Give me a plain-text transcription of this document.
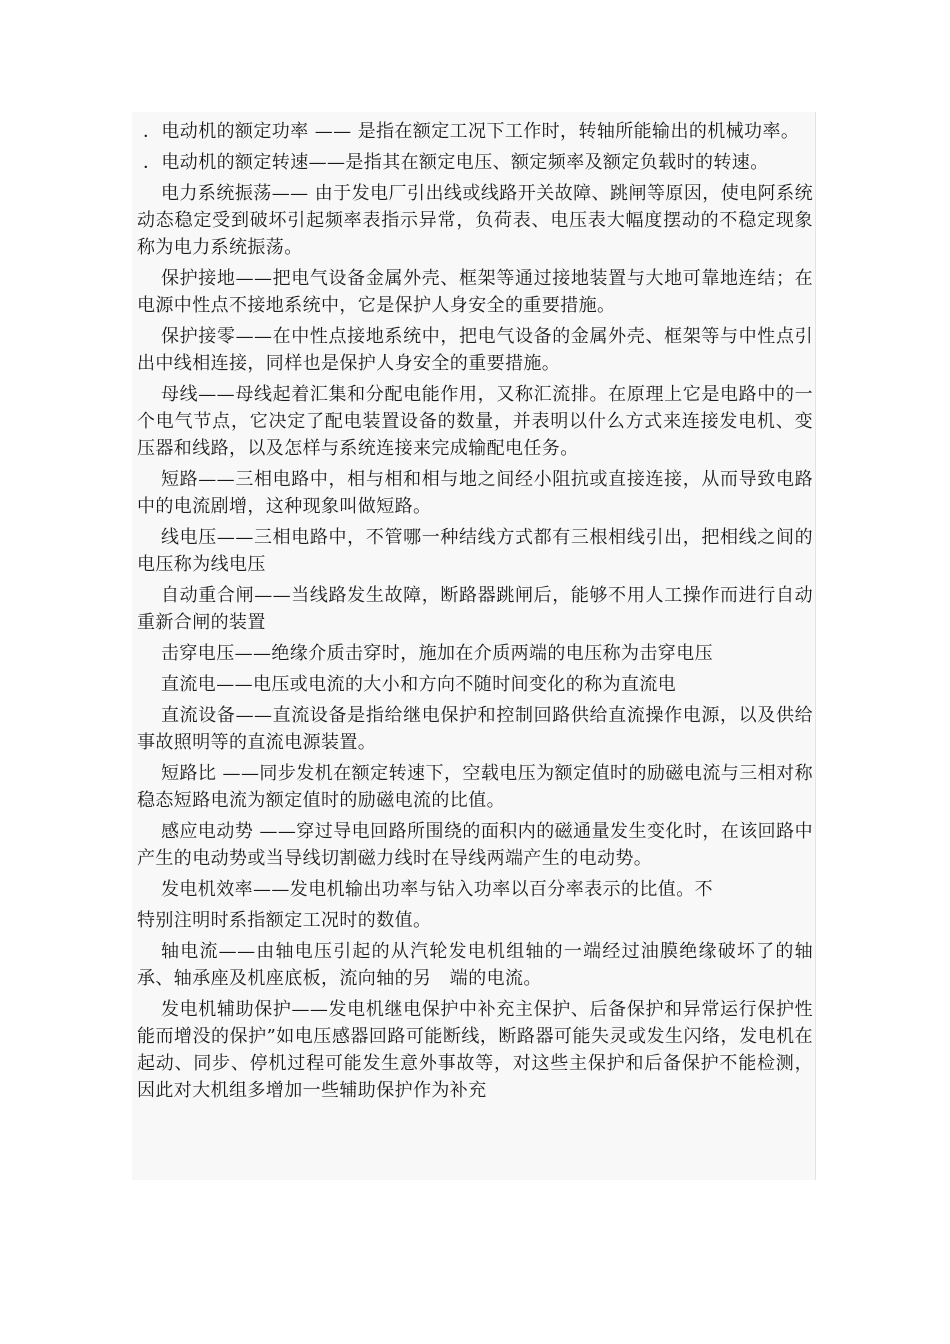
．电动机的额定功率 —— 是指在额定工况下工作时，转轴所能输出的机械功率。

．电动机的额定转速——是指其在额定电压、额定频率及额定负载时的转速。

电力系统振荡—— 由于发电厂引出线或线路开关故障、跳闸等原因，使电阿系统动态稳定受到破坏引起频率表指示异常，负荷表、电压表大幅度摆动的不稳定现象称为电力系统振荡。

保护接地——把电气设备金属外壳、框架等通过接地装置与大地可靠地连结；在电源中性点不接地系统中，它是保护人身安全的重要措施。

保护接零——在中性点接地系统中，把电气设备的金属外壳、框架等与中性点引出中线相连接，同样也是保护人身安全的重要措施。

母线——母线起着汇集和分配电能作用，又称汇流排。在原理上它是电路中的一个电气节点，它决定了配电装置设备的数量，并表明以什么方式来连接发电机、变压器和线路，以及怎样与系统连接来完成输配电任务。

短路——三相电路中，相与相和相与地之间经小阻抗或直接连接，从而导致电路中的电流剧增，这种现象叫做短路。

线电压——三相电路中，不管哪一种结线方式都有三根相线引出，把相线之间的电压称为线电压

自动重合闸——当线路发生故障，断路器跳闸后，能够不用人工操作而进行自动重新合闸的装置

击穿电压——绝缘介质击穿时，施加在介质两端的电压称为击穿电压

直流电——电压或电流的大小和方向不随时间变化的称为直流电

直流设备——直流设备是指给继电保护和控制回路供给直流操作电源，以及供给事故照明等的直流电源装置。

短路比 ——同步发机在额定转速下，空载电压为额定值时的励磁电流与三相对称稳态短路电流为额定值时的励磁电流的比值。

感应电动势 ——穿过导电回路所围绕的面积内的磁通量发生变化时，在该回路中产生的电动势或当导线切割磁力线时在导线两端产生的电动势。

发电机效率——发电机输出功率与钻入功率以百分率表示的比值。不

特别注明时系指额定工况时的数值。

轴电流——由轴电压引起的从汽轮发电机组轴的一端经过油膜绝缘破坏了的轴承、轴承座及机座底板，流向轴的另　端的电流。

发电机辅助保护——发电机继电保护中补充主保护、后备保护和异常运行保护性能而增没的保护”如电压感器回路可能断线，断路器可能失灵或发生闪络，发电机在起动、同步、停机过程可能发生意外事故等，对这些主保护和后备保护不能检测，因此对大机组多增加一些辅助保护作为补充
